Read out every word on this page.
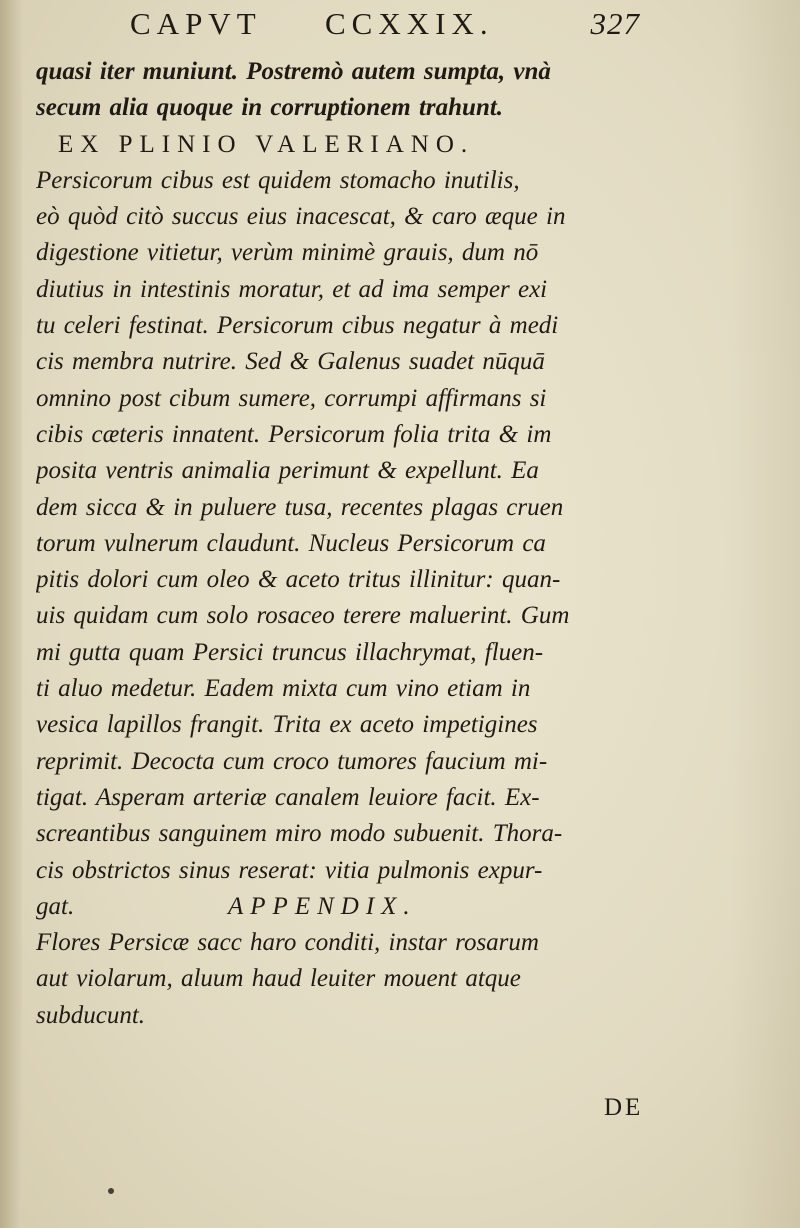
CAPVT CCXXIX.	327
quasi iter muniunt. Postremò autem sumpta, vnà
secum alia quoque in corruptionem trahunt.
EX PLINIO VALERIANO.
Persicorum cibus est quidem stomacho inutilis,
eò quòd citò succus eius inacescat, & caro æque in
digestione vitietur, verùm minimè grauis, dum nō
diutius in intestinis moratur, et ad ima semper exi
tu celeri festinat. Persicorum cibus negatur à medi
cis membra nutrire. Sed & Galenus suadet nūquā
omnino post cibum sumere, corrumpi affirmans si
cibis cæteris innatent. Persicorum folia trita & im
posita ventris animalia perimunt & expellunt. Ea
dem sicca & in puluere tusa, recentes plagas cruen
torum vulnerum claudunt. Nucleus Persicorum ca
pitis dolori cum oleo & aceto tritus illinitur: quan-
uis quidam cum solo rosaceo terere maluerint. Gum
mi gutta quam Persici truncus illachrymat, fluen-
ti aluo medetur. Eadem mixta cum vino etiam in
vesica lapillos frangit. Trita ex aceto impetigines
reprimit. Decocta cum croco tumores faucium mi-
tigat. Asperam arteriæ canalem leuiore facit. Ex-
screantibus sanguinem miro modo subuenit. Thora-
cis obstrictos sinus reserat: vitia pulmonis expur-
gat.	APPENDIX.
Flores Persicæ sacc haro conditi, instar rosarum
aut violarum, aluum haud leuiter mouent atque
subducunt.
DE
